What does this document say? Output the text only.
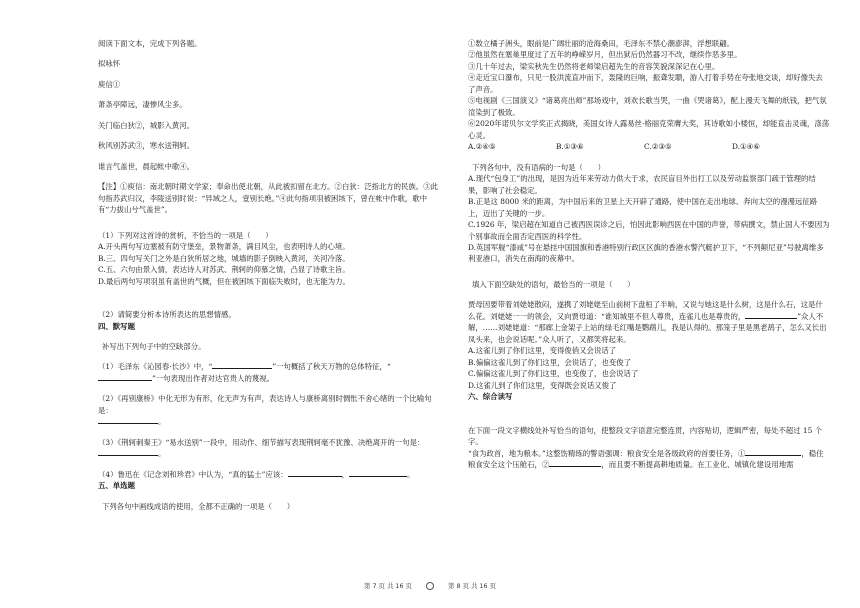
阅读下面文本，完成下列各题。

拟咏怀

庾信①

萧条亭障远，凄惨风尘多。

关门临白狄②，城影入黄河。

秋风别苏武③，寒水送荆轲。

谁言气盖世，晨起帐中歌④。

【注】①庾信：南北朝时期文学家；奉命出使北朝，从此被扣留在北方。②白狄：泛指北方的民族。③此句指苏武归汉，李陵送别时说：“异域之人，壹别长绝。”④此句指项羽被困垓下，曾在帐中作歌，歌中有“力拔山兮气盖世”。

（1）下列对这首诗的赏析，不恰当的一项是（　　）

A.开头两句写边塞被有防守堡垒，景物萧条，满目风尘，也表明诗人的心境。

B.三、四句写关门之外是白狄所居之地，城墙的影子倒映入黄河，关河冷落。

C.五、六句由景入情，表达诗人对苏武、荆轲的仰慕之情，凸显了诗歌主旨。

D.最后两句写项羽虽有盖世的气概，但在被困垓下面临失败时，也无能为力。

（2）请简要分析本诗所表达的思想情感。

四、默写题

补写出下列句子中的空缺部分。

（1）毛泽东《沁园春·长沙》中，“	”一句概括了秋天万物的总体特征，“”一句表现出作者对达官贵人的蔑视。

（2）《再别康桥》中化无形为有形，化无声为有声，表达诗人与康桥离别时惆怅不舍心绪的一个比喻句是：
。

（3）《荆轲刺秦王》“易水送别”一段中，用动作、细节描写表现荆轲毫不犹豫、决绝离开的一句是：
。

（4）鲁迅在《记念刘和珍君》中认为，“真的猛士”应该：	，	。

五、单选题

下列各句中画线成语的使用，全都不正确的一项是（　　）

①数立橘子洲头，眼前是广阔壮丽的沧海桑田，毛泽东不禁心潮澎湃，浮想联翩。

②他虽然在塞巢里度过了五年的峥嵘岁月，但出狱后仍然器习不改，继续作恶多里。

③几十年过去，梁实秋先生仍然将老师梁启超先生的音容笑貌深深记在心里。

④走近宝口瀑布，只见一股洪流直冲而下，轰隆的巨响，振聋发聩，游人打着手势在夸张地交谈，却好像失去了声音。

⑤电视剧《三国演义》“诸葛亮出师”那场戏中，刘欢长歌当哭，一曲《哭诸葛》，配上漫天飞舞的纸钱，把气氛渲染到了极致。

⑥2020年诺贝尔文学奖正式揭晓，美国女诗人露易丝·格丽克荣膺大奖，其诗歌如小楼恒，却能直击灵魂，涤荡心灵。

A.②④⑤	B.①③⑥	C.②③⑤	D.①④⑥

下列各句中，没有语病的一句是（　　）

A.现代“包身工”的出现，是因为近年来劳动力供大于求，农民盲目外出打工以及劳动监察部门疏于管理的结果，影响了社会稳定。

B.正是这 8000 米的距离，为中国后来的卫星上天开辟了通路，使中国在走出地球、奔向太空的漫漫远征路上，迈出了关键的一步。

C.1926 年，梁启超在知道自己被西医误诊之后，怕因此影响西医在中国的声誉，带病撰文，禁止国人不要因为个别事故而全面否定西医的科学性。

D.英国军舰“漆咸”号在悬挂中国国旗和香港特别行政区区旗的香港水警汽艇护卫下，“不列颠尼亚”号驶离维多利亚港口，消失在南海的夜幕中。

填入下面空缺处的语句，最恰当的一项是（　　）

贾母因要带着刘姥姥散闷，遂携了刘姥姥至山前树下盘桓了半晌，又说与她这是什么树，这是什么石，这是什么花。刘姥姥一一的领会，又向贾母道：“谁知城里不但人尊贵，连雀儿也是尊贵的，	”众人不解，……刘姥姥道：“那廊上金架子上站的绿毛红嘴是鹦鹉儿，我是认得的。那笼子里是黑老鸹子，怎么又长出凤头来，也会说话呢。”众人听了，又都笑将起来。

A.这雀儿到了你们这里，变得俊俏又会说话了

B.偏偏这雀儿到了你们这里，会说话了，也变俊了

C.偏偏这雀儿到了你们这里，也变俊了，也会说话了

D.这雀儿到了你们这里，变得既会说话又俊了

六、综合读写

在下面一段文字横线处补写恰当的语句，使整段文字语意完整连贯，内容贴切，逻辑严密，每处不超过 15 个字。

“食为政首，地为粮本。”这整饬精练的警语强调：粮食安全是各级政府的首要任务，①	，稳住粮食安全这个压舱石，②	，而且要不断提高耕地质量。在工业化、城镇化建设用地需

第 7 页 共 16 页	第 8 页 共 16 页
